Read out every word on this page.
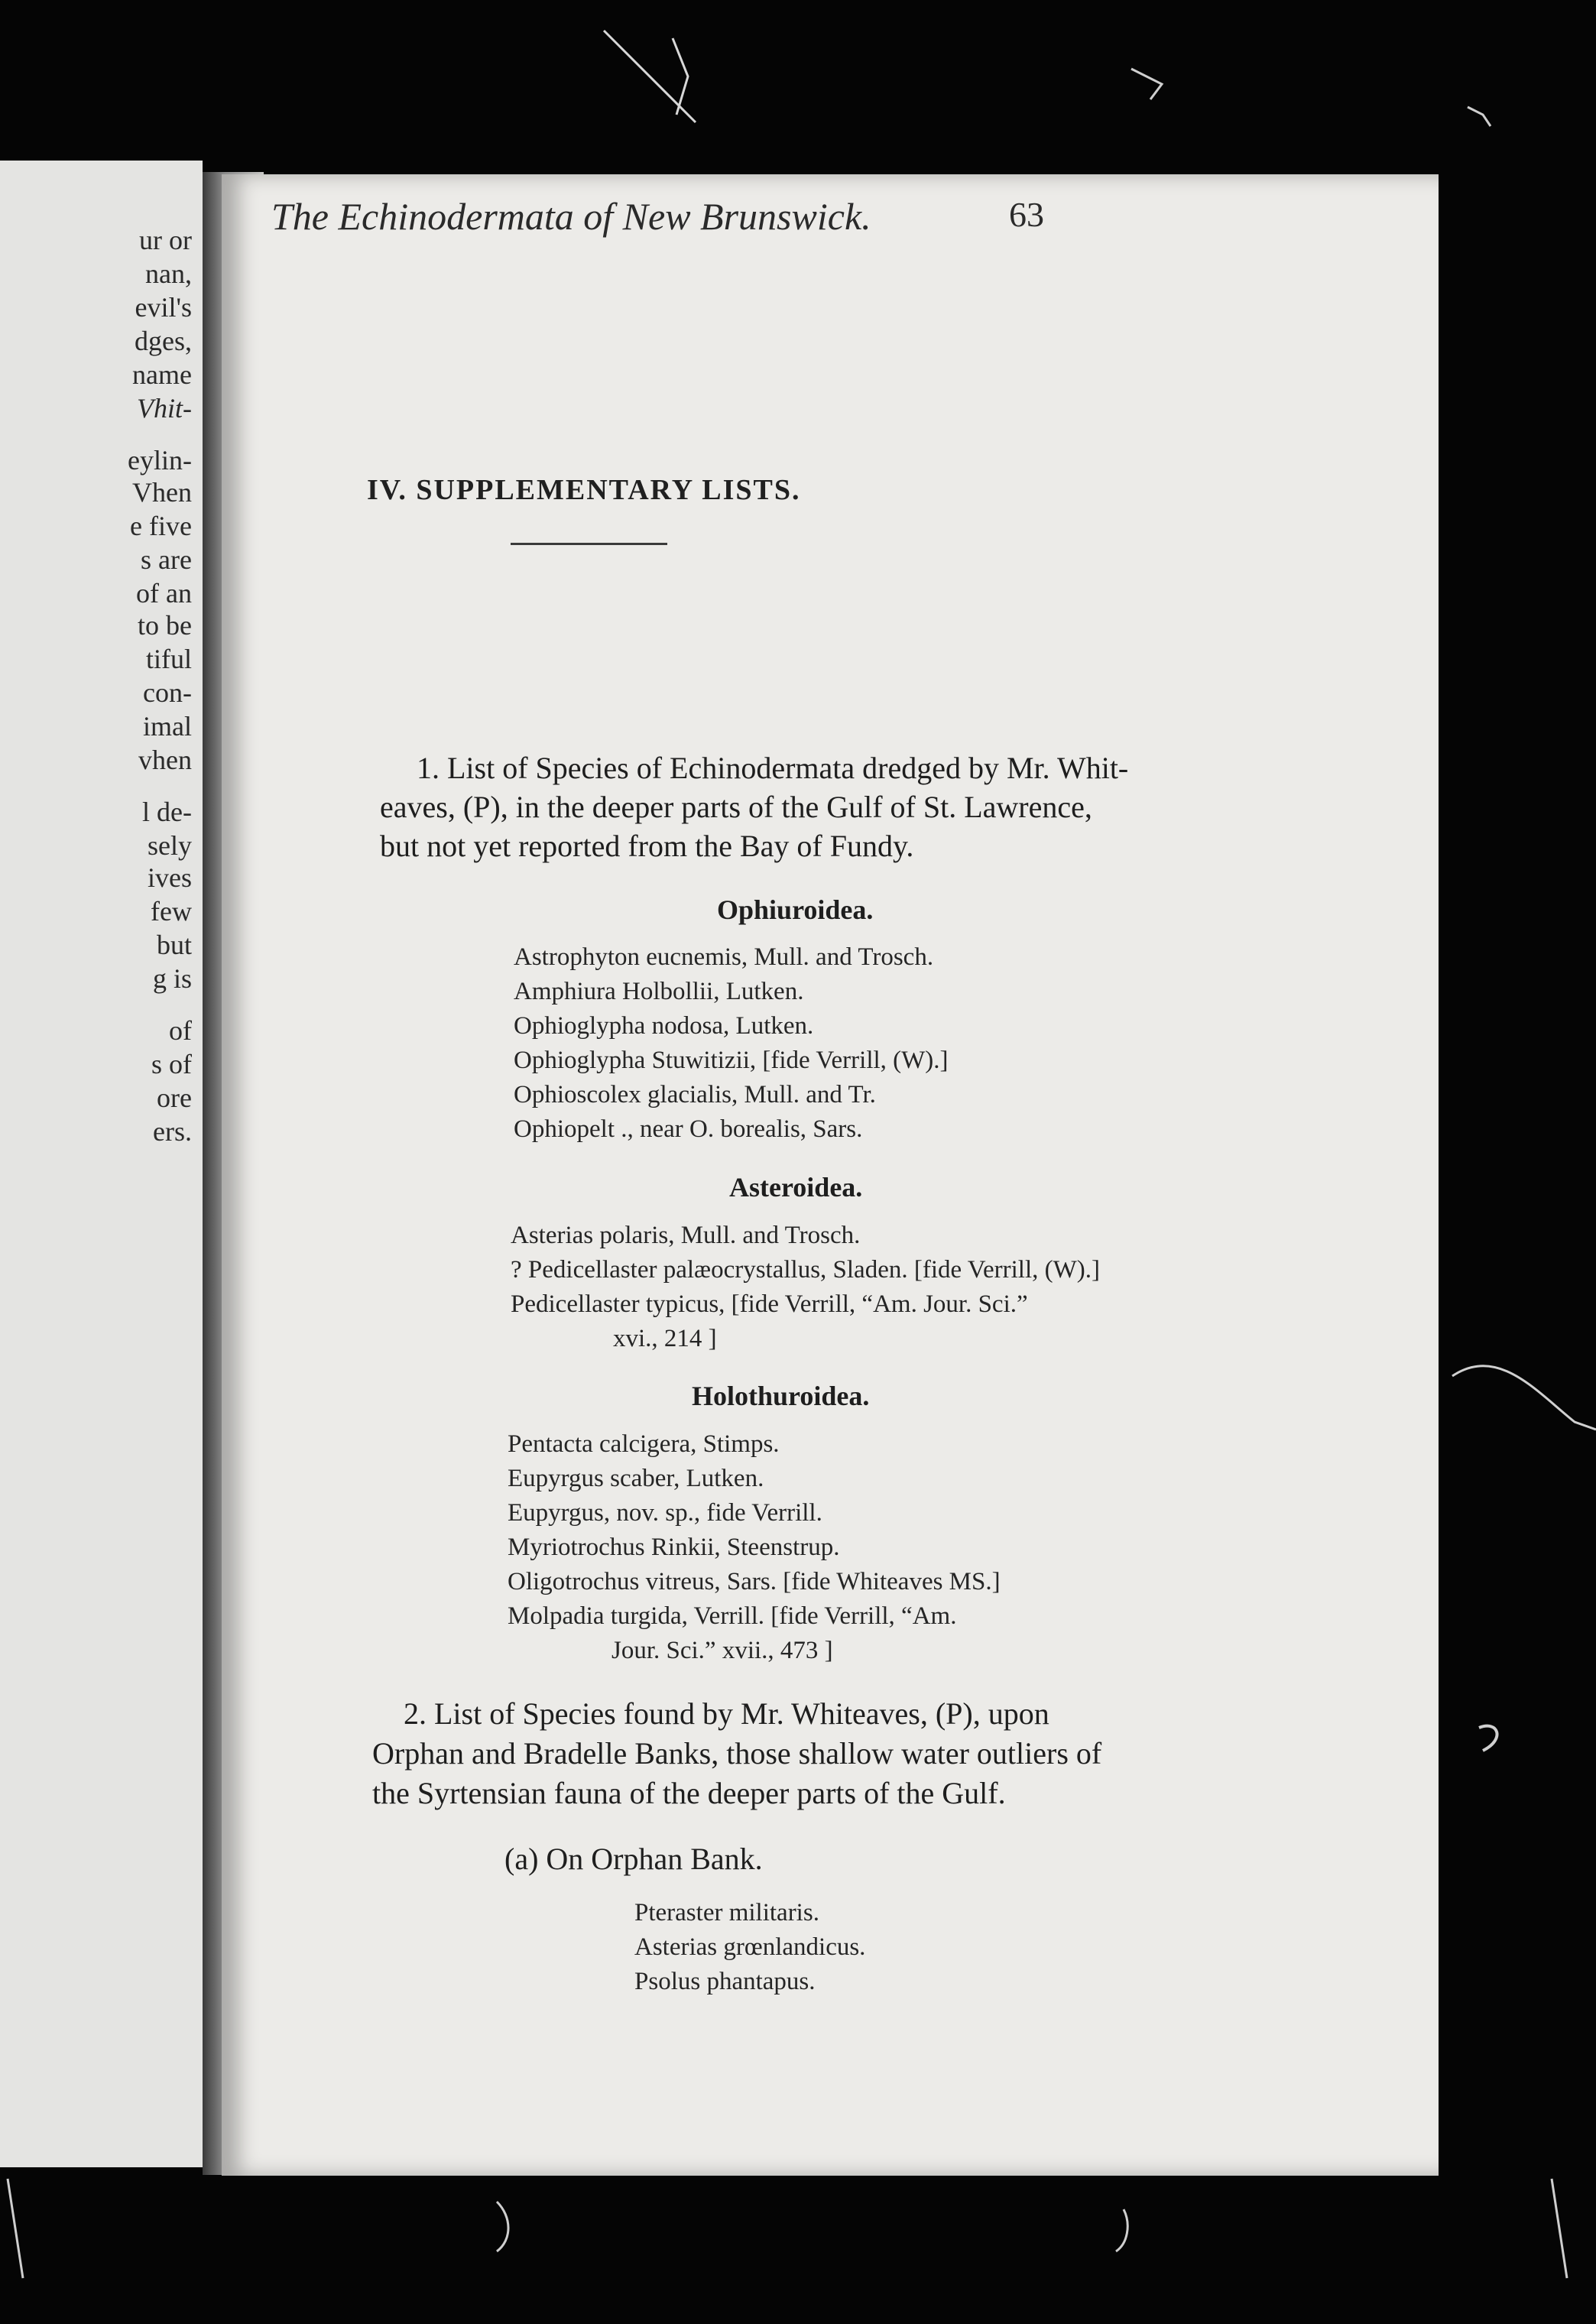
ur or
nan,
evil's
dges,
name
Vhit-
eylin-
Vhen
e five
s are
of an
to be
tiful
con-
imal
vhen
l de-
sely
ives
few
but
g is
of
s of
ore
ers.
The Echinodermata of New Brunswick.	63
IV. SUPPLEMENTARY LISTS.
1. List of Species of Echinodermata dredged by Mr. Whit-
eaves, (P), in the deeper parts of the Gulf of St. Lawrence,
but not yet reported from the Bay of Fundy.
Ophiuroidea.
Astrophyton eucnemis, Mull. and Trosch.
Amphiura Holbollii, Lutken.
Ophioglypha nodosa, Lutken.
Ophioglypha Stuwitizii, [fide Verrill, (W).]
Ophioscolex glacialis, Mull. and Tr.
Ophiopelt ., near O. borealis, Sars.
Asteroidea.
Asterias polaris, Mull. and Trosch.
? Pedicellaster palæocrystallus, Sladen. [fide Verrill, (W).]
Pedicellaster typicus, [fide Verrill, “Am. Jour. Sci.”
xvi., 214 ]
Holothuroidea.
Pentacta calcigera, Stimps.
Eupyrgus scaber, Lutken.
Eupyrgus, nov. sp., fide Verrill.
Myriotrochus Rinkii, Steenstrup.
Oligotrochus vitreus, Sars. [fide Whiteaves MS.]
Molpadia turgida, Verrill. [fide Verrill, “Am.
Jour. Sci.” xvii., 473 ]
2. List of Species found by Mr. Whiteaves, (P), upon
Orphan and Bradelle Banks, those shallow water outliers of
the Syrtensian fauna of the deeper parts of the Gulf.
(a) On Orphan Bank.
Pteraster militaris.
Asterias grœnlandicus.
Psolus phantapus.
